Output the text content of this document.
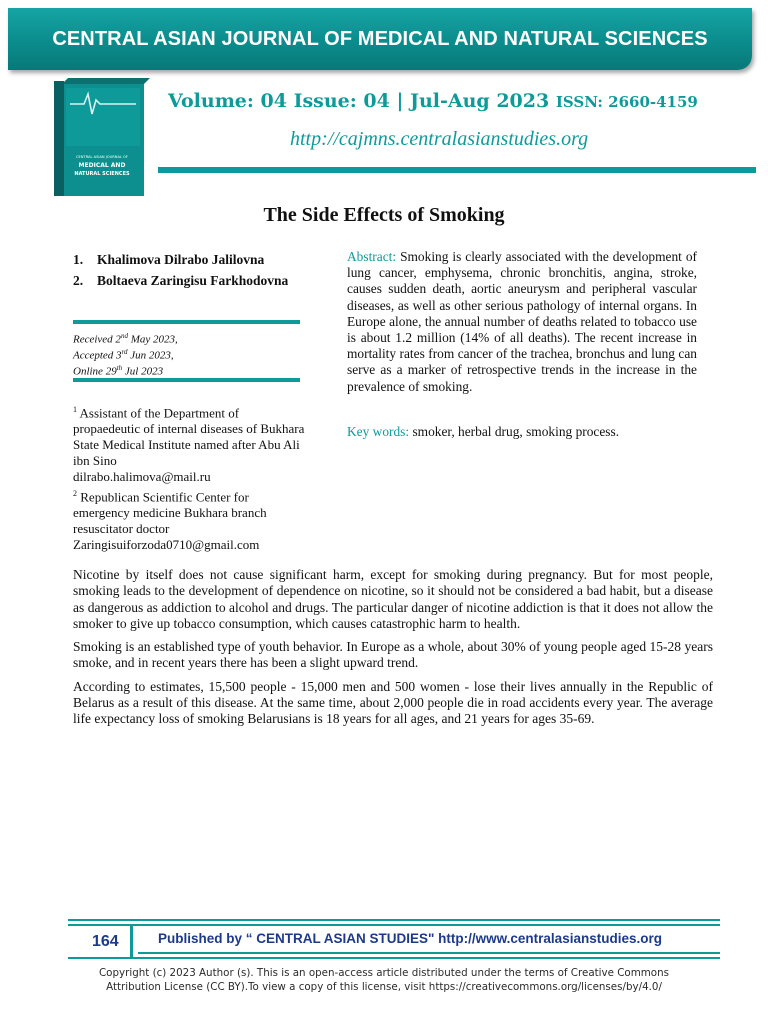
CENTRAL ASIAN JOURNAL OF MEDICAL AND NATURAL SCIENCES
CENTRAL ASIAN JOURNAL OF
MEDICAL AND
NATURAL SCIENCES
Volume: 04 Issue: 04 | Jul-Aug 2023 ISSN: 2660-4159
http://cajmns.centralasianstudies.org
The Side Effects of Smoking
1. Khalimova Dilrabo Jalilovna
2. Boltaeva Zaringisu Farkhodovna
Received 2nd May 2023,
Accepted 3rd Jun 2023,
Online 29th Jul 2023
$^1$ Assistant of the Department of propaedeutic of internal diseases of Bukhara State Medical Institute named after Abu Ali ibn Sino
dilrabo.halimova@mail.ru
$^2$ Republican Scientific Center for emergency medicine Bukhara branch resuscitator doctor
Zaringisuiforzoda0710@gmail.com
Abstract: Smoking is clearly associated with the development of lung cancer, emphysema, chronic bronchitis, angina, stroke, causes sudden death, aortic aneurysm and peripheral vascular diseases, as well as other serious pathology of internal organs. In Europe alone, the annual number of deaths related to tobacco use is about 1.2 million (14% of all deaths). The recent increase in mortality rates from cancer of the trachea, bronchus and lung can serve as a marker of retrospective trends in the increase in the prevalence of smoking.
Key words: smoker, herbal drug, smoking process.

Nicotine by itself does not cause significant harm, except for smoking during pregnancy. But for most people, smoking leads to the development of dependence on nicotine, so it should not be considered a bad habit, but a disease as dangerous as addiction to alcohol and drugs. The particular danger of nicotine addiction is that it does not allow the smoker to give up tobacco consumption, which causes catastrophic harm to health.

Smoking is an established type of youth behavior. In Europe as a whole, about 30% of young people aged 15-28 years smoke, and in recent years there has been a slight upward trend.

According to estimates, 15,500 people - 15,000 men and 500 women - lose their lives annually in the Republic of Belarus as a result of this disease. At the same time, about 2,000 people die in road accidents every year. The average life expectancy loss of smoking Belarusians is 18 years for all ages, and 21 years for ages 35-69.

164	Published by “ CENTRAL ASIAN STUDIES" http://www.centralasianstudies.org
Copyright (c) 2023 Author (s). This is an open-access article distributed under the terms of Creative Commons
Attribution License (CC BY).To view a copy of this license, visit https://creativecommons.org/licenses/by/4.0/
